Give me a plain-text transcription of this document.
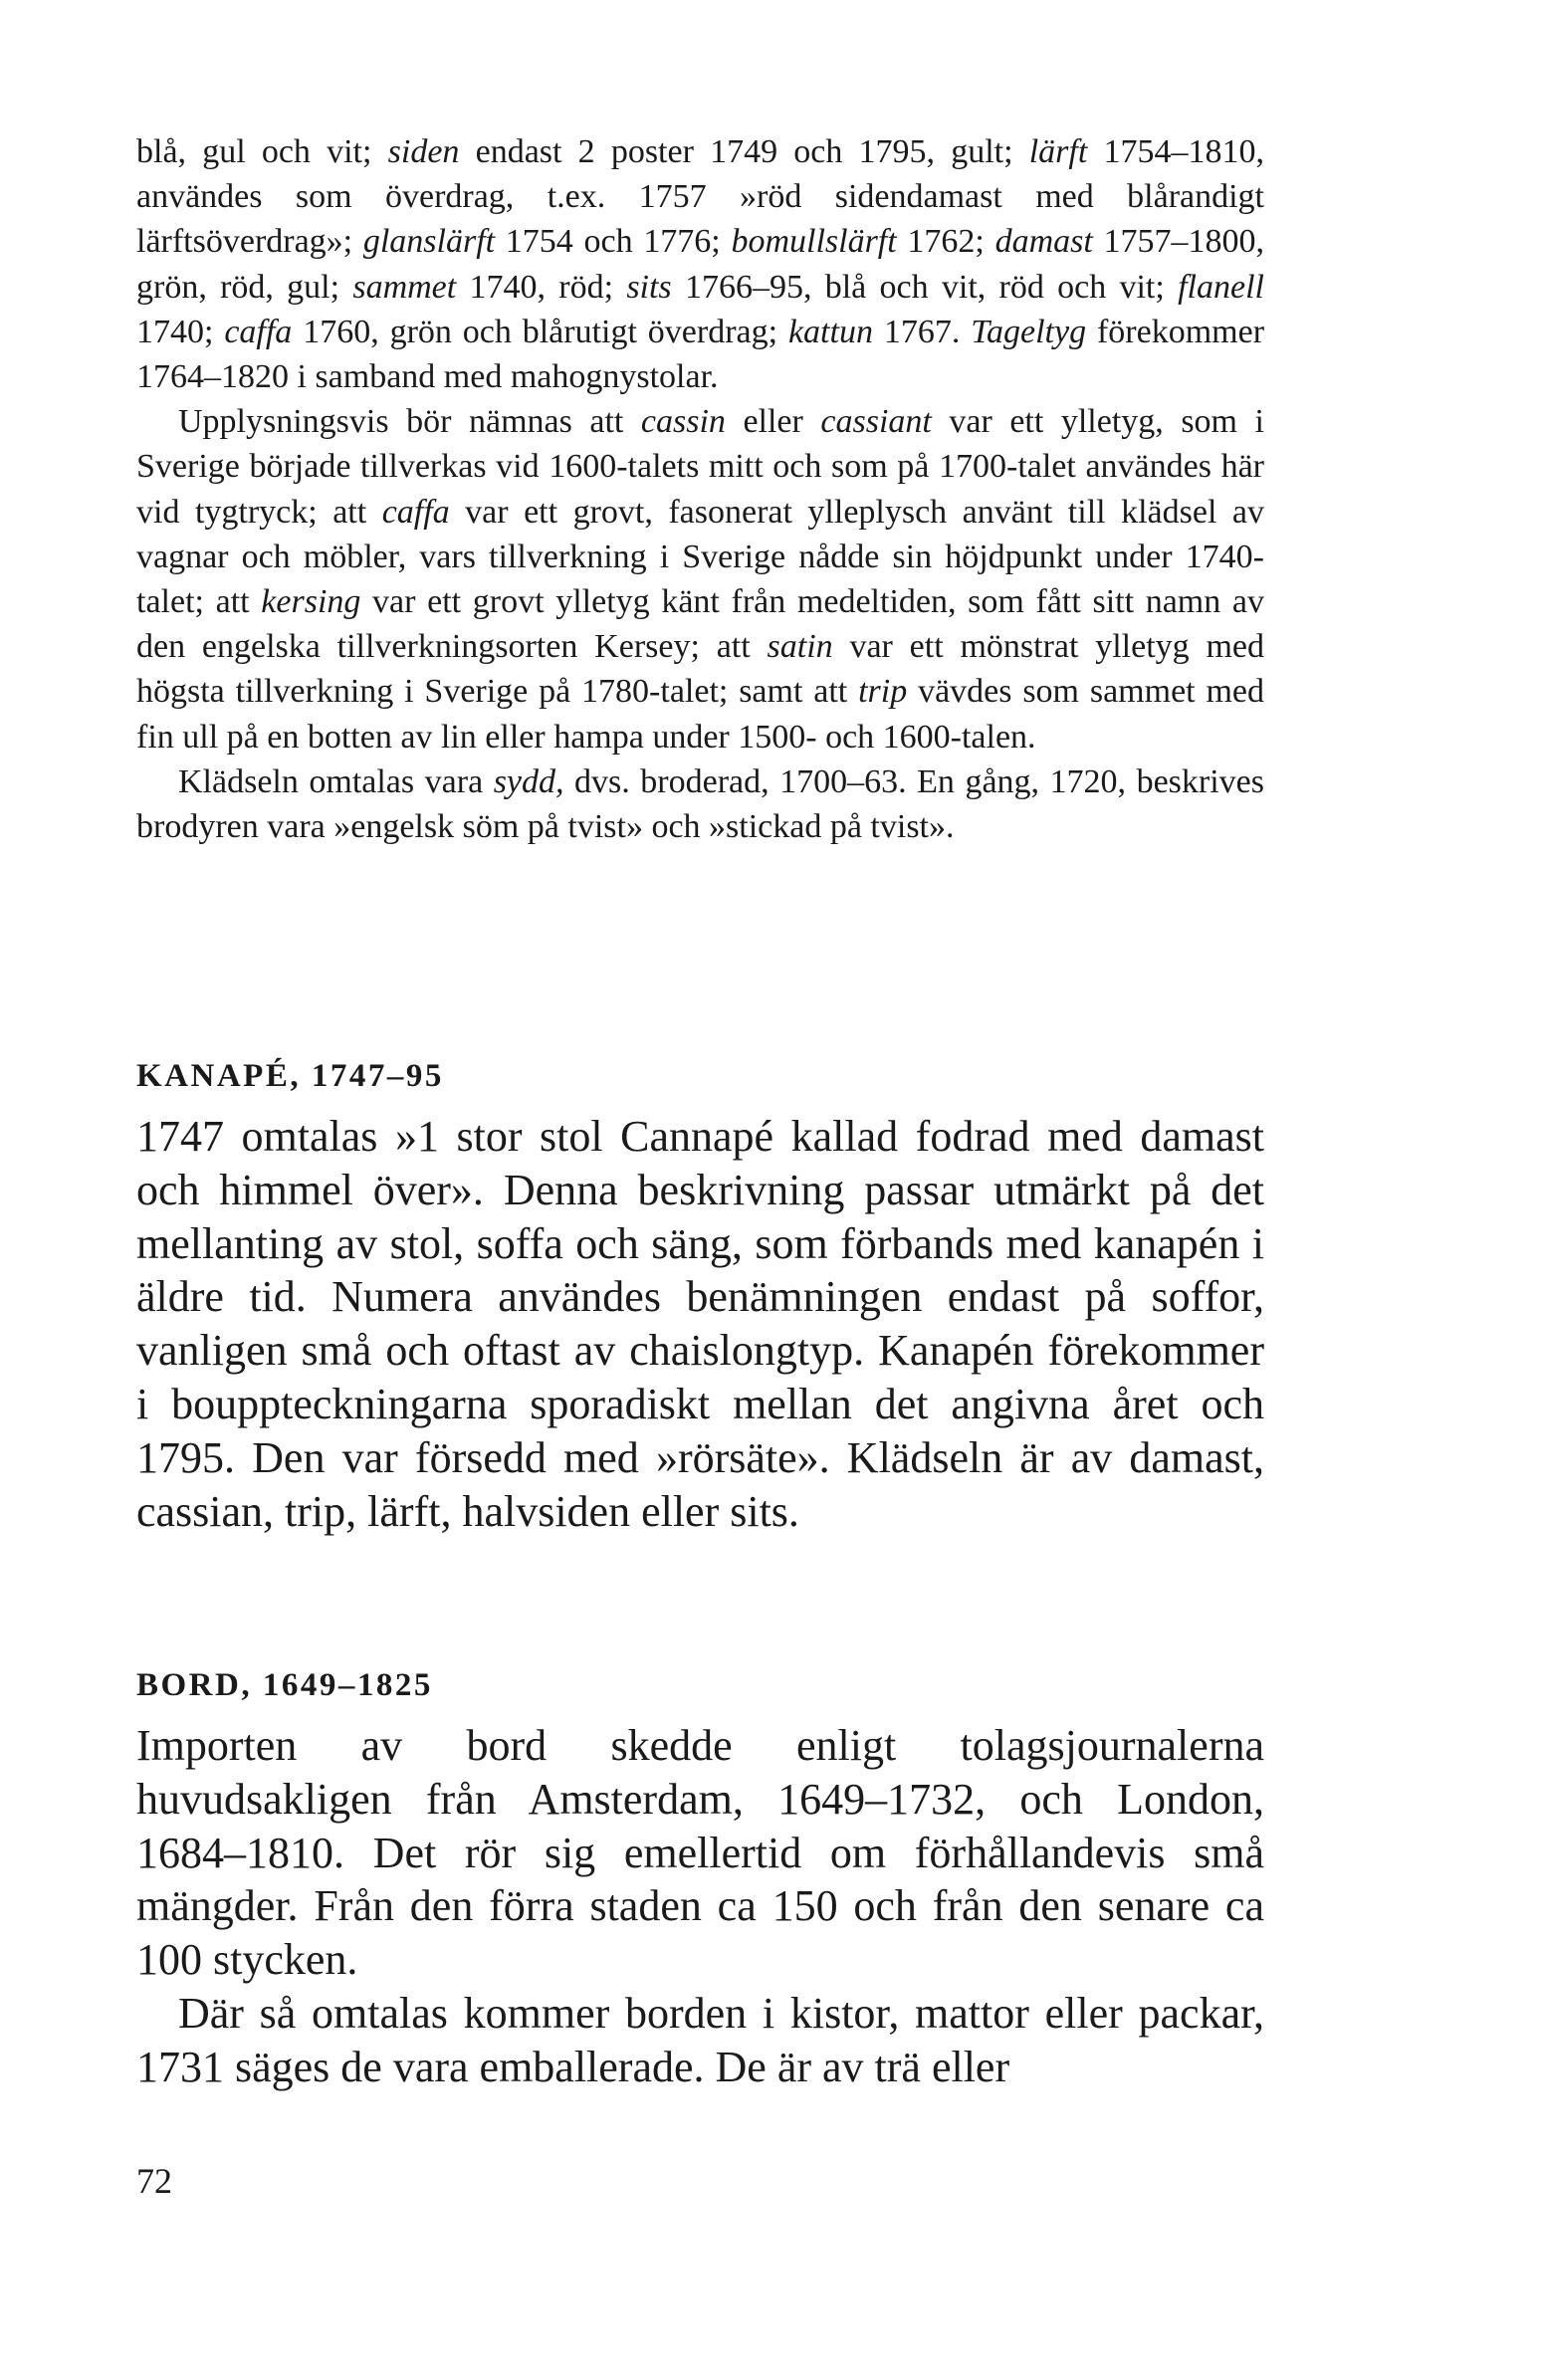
blå, gul och vit; siden endast 2 poster 1749 och 1795, gult; lärft 1754–1810, användes som överdrag, t.ex. 1757 »röd sidendamast med blårandigt lärftsöverdrag»; glanslärft 1754 och 1776; bomullslärft 1762; damast 1757–1800, grön, röd, gul; sammet 1740, röd; sits 1766–95, blå och vit, röd och vit; flanell 1740; caffa 1760, grön och blårutigt överdrag; kattun 1767. Tageltyg förekommer 1764–1820 i samband med mahognystolar.

Upplysningsvis bör nämnas att cassin eller cassiant var ett ylletyg, som i Sverige började tillverkas vid 1600-talets mitt och som på 1700-talet användes här vid tygtryck; att caffa var ett grovt, fasonerat ylleplysch använt till klädsel av vagnar och möbler, vars tillverkning i Sverige nådde sin höjdpunkt under 1740-talet; att kersing var ett grovt ylletyg känt från medeltiden, som fått sitt namn av den engelska tillverkningsorten Kersey; att satin var ett mönstrat ylletyg med högsta tillverkning i Sverige på 1780-talet; samt att trip vävdes som sammet med fin ull på en botten av lin eller hampa under 1500- och 1600-talen.

Klädseln omtalas vara sydd, dvs. broderad, 1700–63. En gång, 1720, beskrives brodyren vara »engelsk söm på tvist» och »stickad på tvist».

KANAPÉ, 1747–95

1747 omtalas »1 stor stol Cannapé kallad fodrad med damast och himmel över». Denna beskrivning passar utmärkt på det mellanting av stol, soffa och säng, som förbands med kanapén i äldre tid. Numera användes benämningen endast på soffor, vanligen små och oftast av chaislongtyp. Kanapén förekommer i bouppteckningarna sporadiskt mellan det angivna året och 1795. Den var försedd med »rörsäte». Klädseln är av damast, cassian, trip, lärft, halvsiden eller sits.

BORD, 1649–1825

Importen av bord skedde enligt tolagsjournalerna huvudsakligen från Amsterdam, 1649–1732, och London, 1684–1810. Det rör sig emellertid om förhållandevis små mängder. Från den förra staden ca 150 och från den senare ca 100 stycken.

Där så omtalas kommer borden i kistor, mattor eller packar, 1731 säges de vara emballerade. De är av trä eller

72
